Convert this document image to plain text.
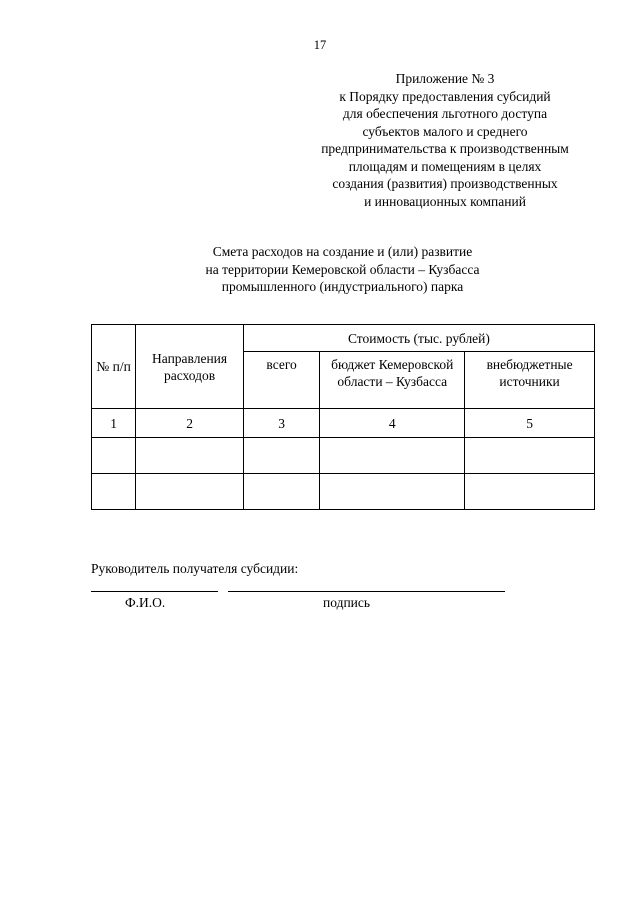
17
Приложение № 3
к Порядку предоставления субсидий
для обеспечения льготного доступа
субъектов малого и среднего
предпринимательства к производственным
площадям и помещениям в целях
создания (развития) производственных
и инновационных компаний
Смета расходов на создание и (или) развитие
на территории Кемеровской области – Кузбасса
промышленного (индустриального) парка
№ п/п	Направления расходов	Стоимость (тыс. рублей)		
		всего	бюджет Кемеровской области – Кузбасса	внебюджетные источники
1	2	3	4	5

Руководитель получателя субсидии:
Ф.И.О.	подпись
